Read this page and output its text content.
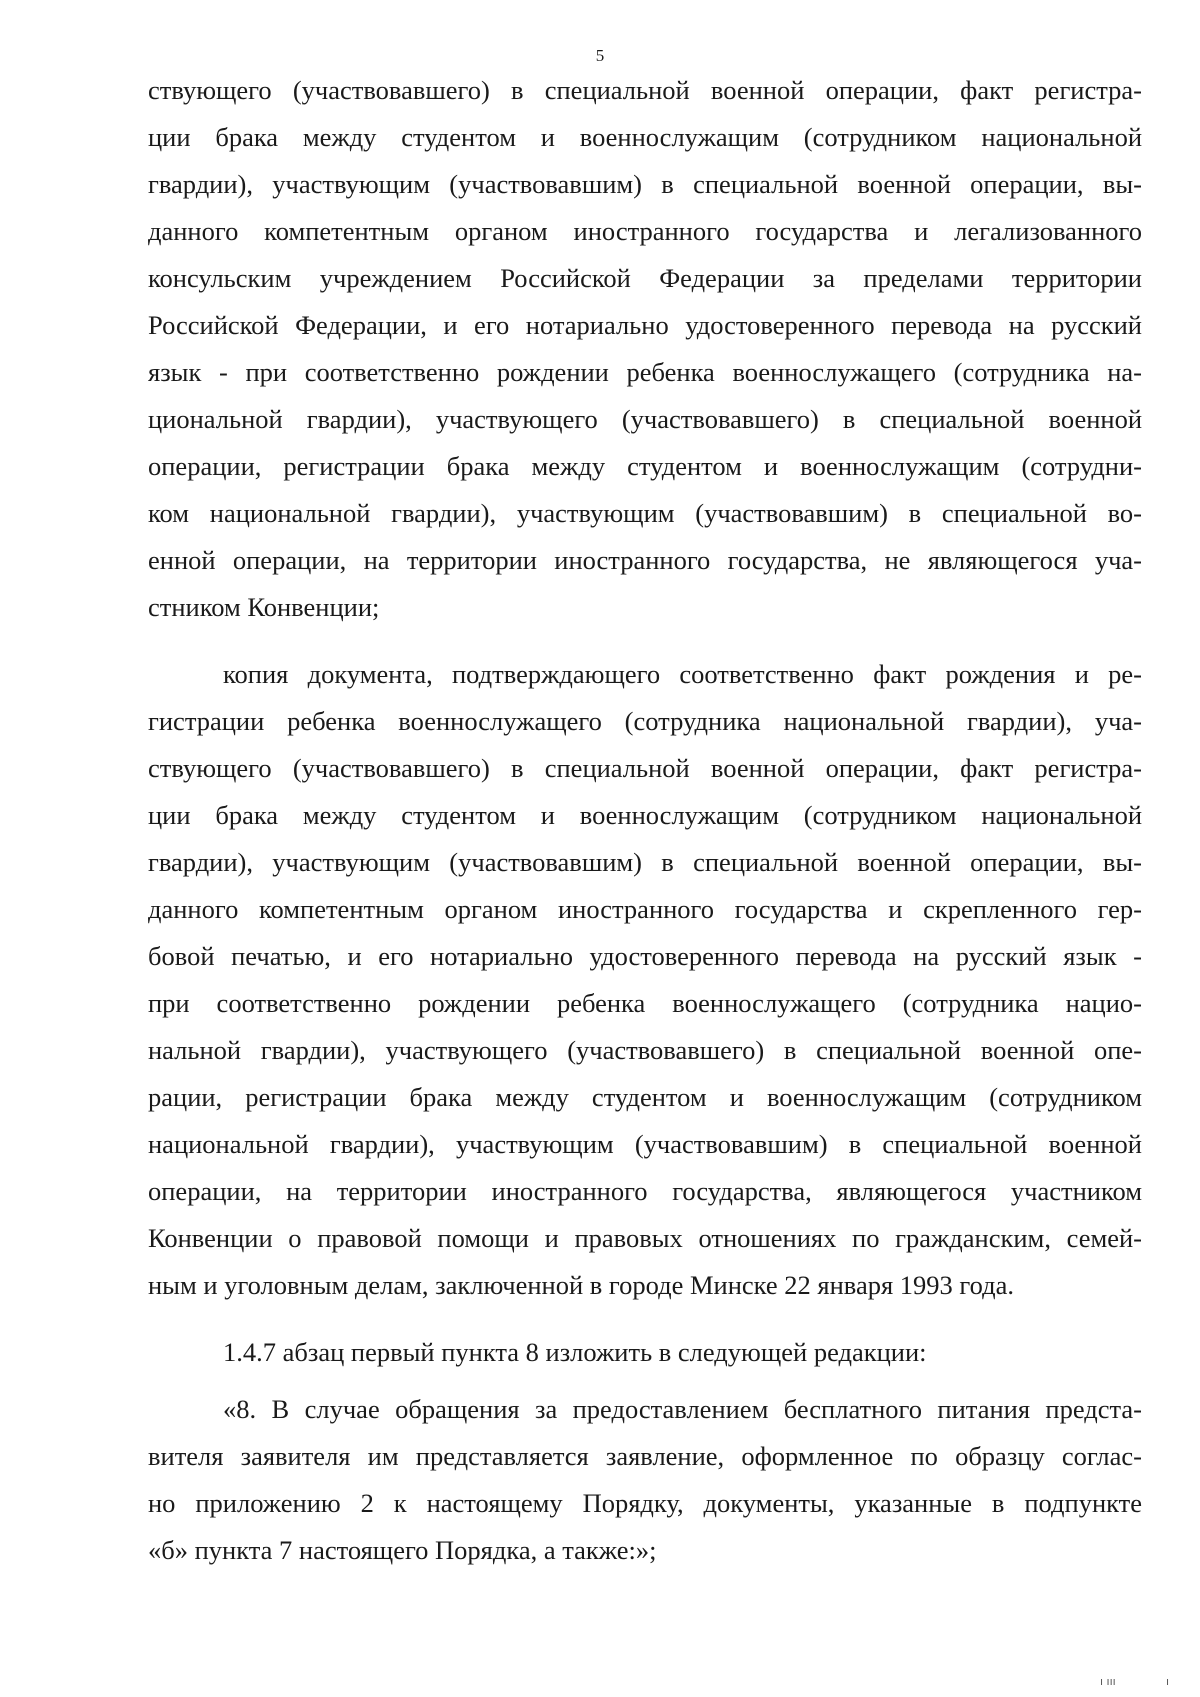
5
ствующего (участвовавшего) в специальной военной операции, факт регистра-
ции брака между студентом и военнослужащим (сотрудником национальной
гвардии), участвующим (участвовавшим) в специальной военной операции, вы-
данного компетентным органом иностранного государства и легализованного
консульским учреждением Российской Федерации за пределами территории
Российской Федерации, и его нотариально удостоверенного перевода на русский
язык - при соответственно рождении ребенка военнослужащего (сотрудника на-
циональной гвардии), участвующего (участвовавшего) в специальной военной
операции, регистрации брака между студентом и военнослужащим (сотрудни-
ком национальной гвардии), участвующим (участвовавшим) в специальной во-
енной операции, на территории иностранного государства, не являющегося уча-
стником Конвенции;
копия документа, подтверждающего соответственно факт рождения и ре-
гистрации ребенка военнослужащего (сотрудника национальной гвардии), уча-
ствующего (участвовавшего) в специальной военной операции, факт регистра-
ции брака между студентом и военнослужащим (сотрудником национальной
гвардии), участвующим (участвовавшим) в специальной военной операции, вы-
данного компетентным органом иностранного государства и скрепленного гер-
бовой печатью, и его нотариально удостоверенного перевода на русский язык -
при соответственно рождении ребенка военнослужащего (сотрудника нацио-
нальной гвардии), участвующего (участвовавшего) в специальной военной опе-
рации, регистрации брака между студентом и военнослужащим (сотрудником
национальной гвардии), участвующим (участвовавшим) в специальной военной
операции, на территории иностранного государства, являющегося участником
Конвенции о правовой помощи и правовых отношениях по гражданским, семей-
ным и уголовным делам, заключенной в городе Минске 22 января 1993 года.
1.4.7 абзац первый пункта 8 изложить в следующей редакции:
«8. В случае обращения за предоставлением бесплатного питания предста-
вителя заявителя им представляется заявление, оформленное по образцу соглас-
но приложению 2 к настоящему Порядку, документы, указанные в подпункте
«б» пункта 7 настоящего Порядка, а также:»;
ı ııı	ı
